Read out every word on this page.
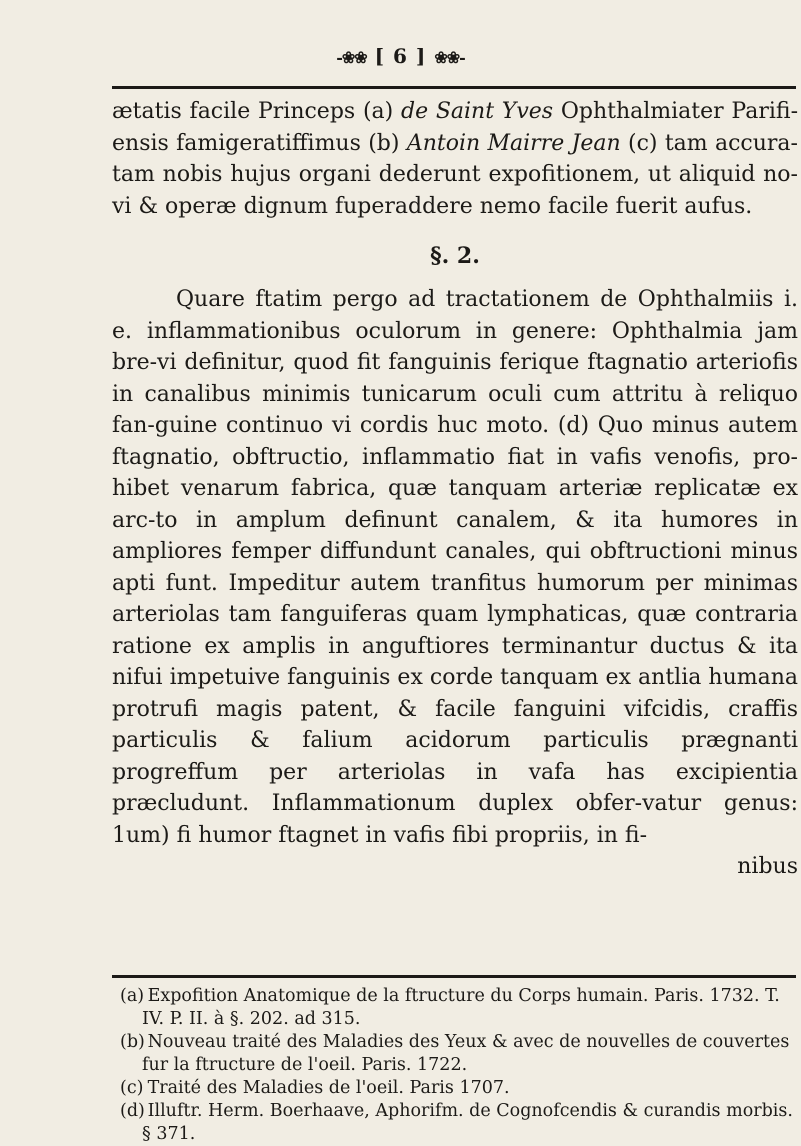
-❀❀ [ 6 ] ❀❀-

ætatis facile Princeps (a) de Saint Yves Ophthalmiater Parifi-ensis famigeratiffimus (b) Antoin Mairre Jean (c) tam accura-tam nobis hujus organi dederunt expofitionem, ut aliquid no-vi & operæ dignum fuperaddere nemo facile fuerit aufus.

§. 2.

Quare ftatim pergo ad tractationem de Ophthalmiis i. e. inflammationibus oculorum in genere: Ophthalmia jam bre-vi definitur, quod fit fanguinis ferique ftagnatio arteriofis in canalibus minimis tunicarum oculi cum attritu à reliquo fan-guine continuo vi cordis huc moto. (d) Quo minus autem ftagnatio, obftructio, inflammatio fiat in vafis venofis, pro-hibet venarum fabrica, quæ tanquam arteriæ replicatæ ex arc-to in amplum definunt canalem, & ita humores in ampliores femper diffundunt canales, qui obftructioni minus apti funt. Impeditur autem tranfitus humorum per minimas arteriolas tam fanguiferas quam lymphaticas, quæ contraria ratione ex amplis in anguftiores terminantur ductus & ita nifui impetuive fanguinis ex corde tanquam ex antlia humana protrufi magis patent, & facile fanguini vifcidis, craffis particulis & falium acidorum particulis prægnanti progreffum per arteriolas in vafa has excipientia præcludunt. Inflammationum duplex obfer-vatur genus: 1um) fi humor ftagnet in vafis fibi propriis, in fi-

nibus

(a) Expofition Anatomique de la ftructure du Corps humain. Paris. 1732. T. IV. P. II. à §. 202. ad 315.

(b) Nouveau traité des Maladies des Yeux & avec de nouvelles de couvertes fur la ftructure de l'oeil. Paris. 1722.

(c) Traité des Maladies de l'oeil. Paris 1707.

(d) Illuftr. Herm. Boerhaave, Aphorifm. de Cognofcendis & curandis morbis. § 371.
